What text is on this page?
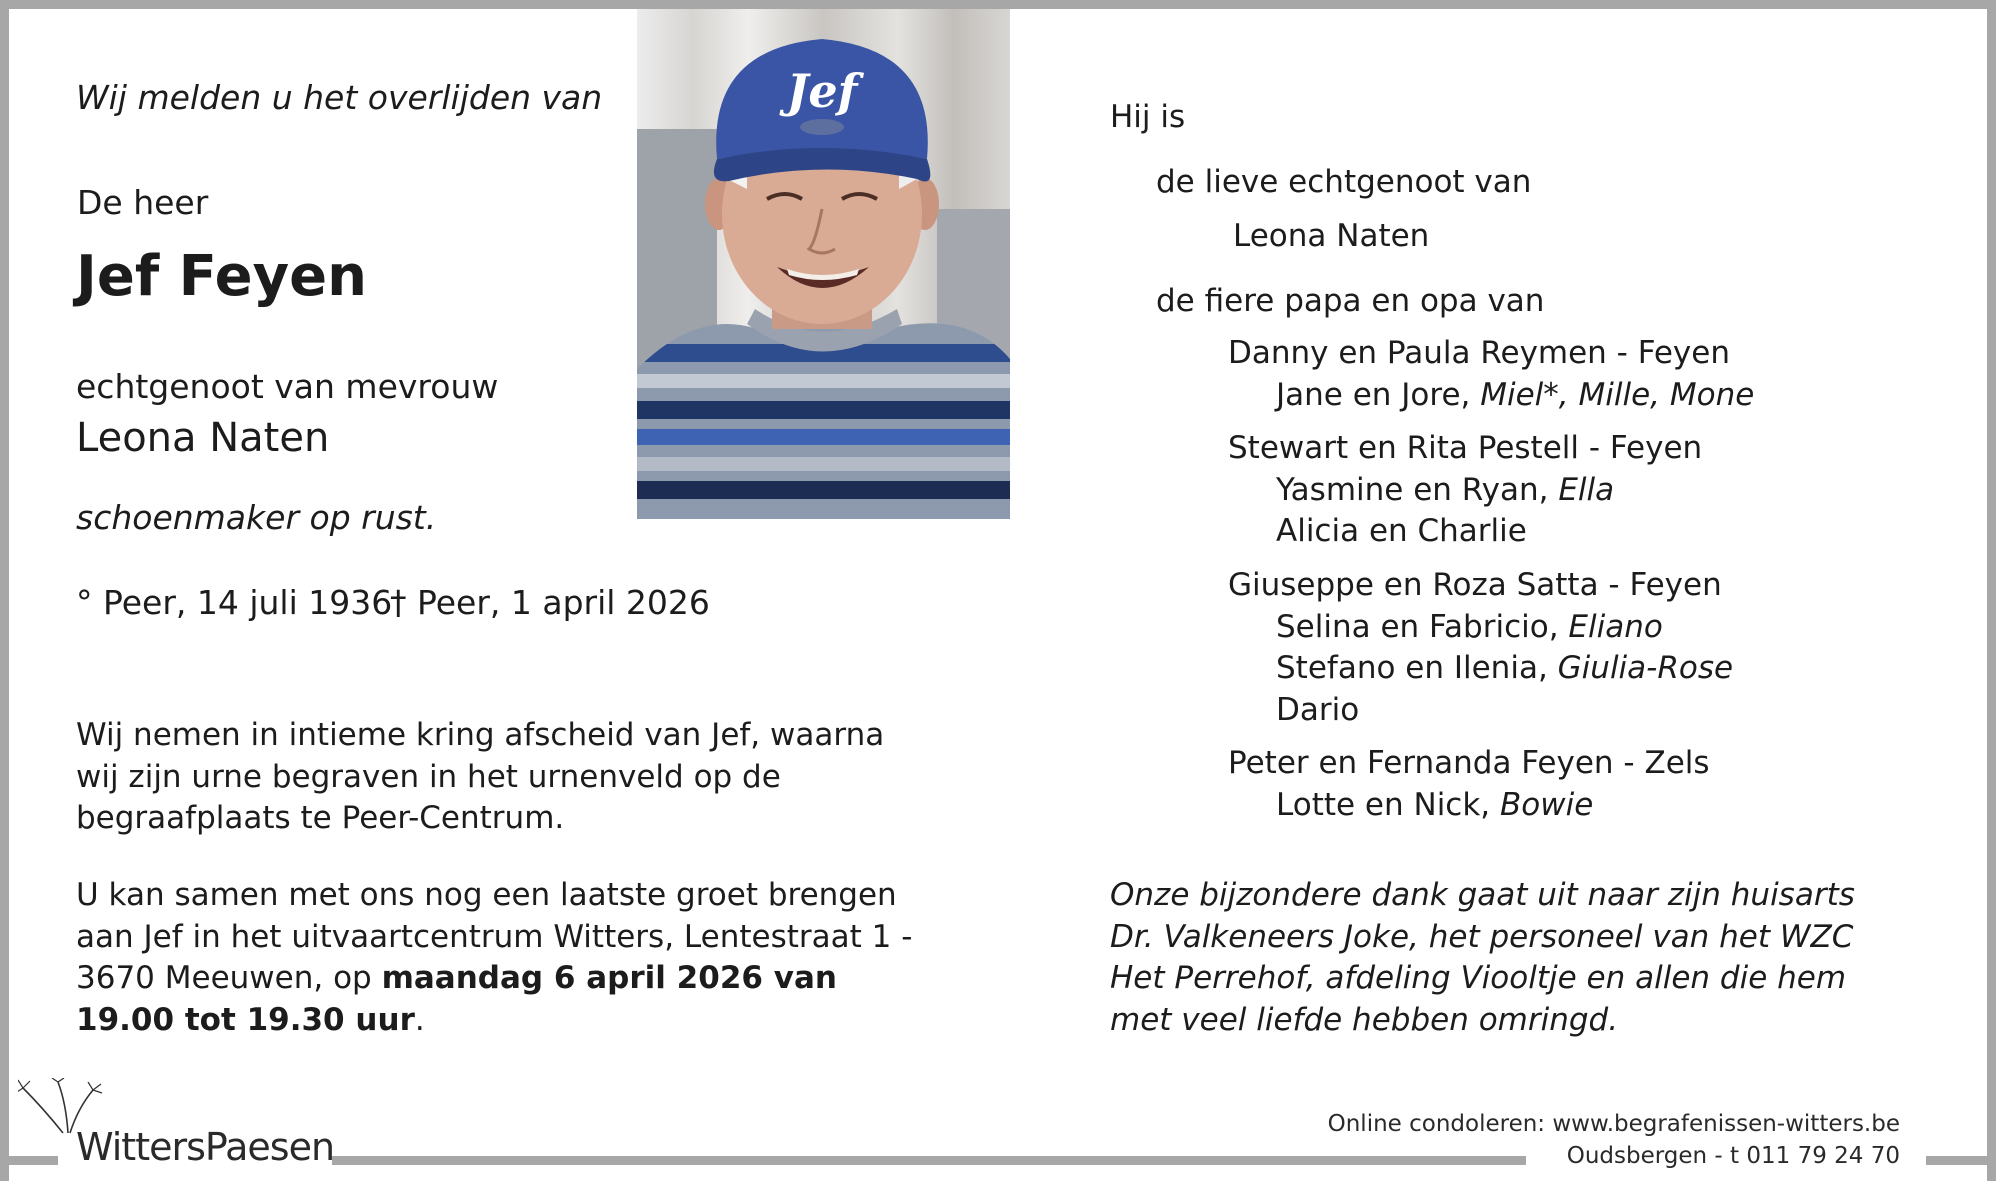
Wij melden u het overlijden van
De heer
Jef Feyen
echtgenoot van mevrouw
Leona Naten
schoenmaker op rust.
° Peer, 14 juli 1936
† Peer, 1 april 2026
Wij nemen in intieme kring afscheid van Jef, waarna wij zijn urne begraven in het urnenveld op de begraafplaats te Peer-Centrum.
U kan samen met ons nog een laatste groet brengen aan Jef in het uitvaartcentrum Witters, Lentestraat 1 - 3670 Meeuwen, op maandag 6 april 2026 van 19.00 tot 19.30 uur.
Jef	Hij is
de lieve echtgenoot van
Leona Naten
de fiere papa en opa van
Danny en Paula Reymen - Feyen
Jane en Jore, Miel*, Mille, Mone
Stewart en Rita Pestell - Feyen
Yasmine en Ryan, Ella
Alicia en Charlie
Giuseppe en Roza Satta - Feyen
Selina en Fabricio, Eliano
Stefano en Ilenia, Giulia-Rose
Dario
Peter en Fernanda Feyen - Zels
Lotte en Nick, Bowie
Onze bijzondere dank gaat uit naar zijn huisarts Dr. Valkeneers Joke, het personeel van het WZC Het Perrehof, afdeling Viooltje en allen die hem met veel liefde hebben omringd.
WittersPaesen
Online condoleren: www.begrafenissen-witters.be
Oudsbergen - t 011 79 24 70
